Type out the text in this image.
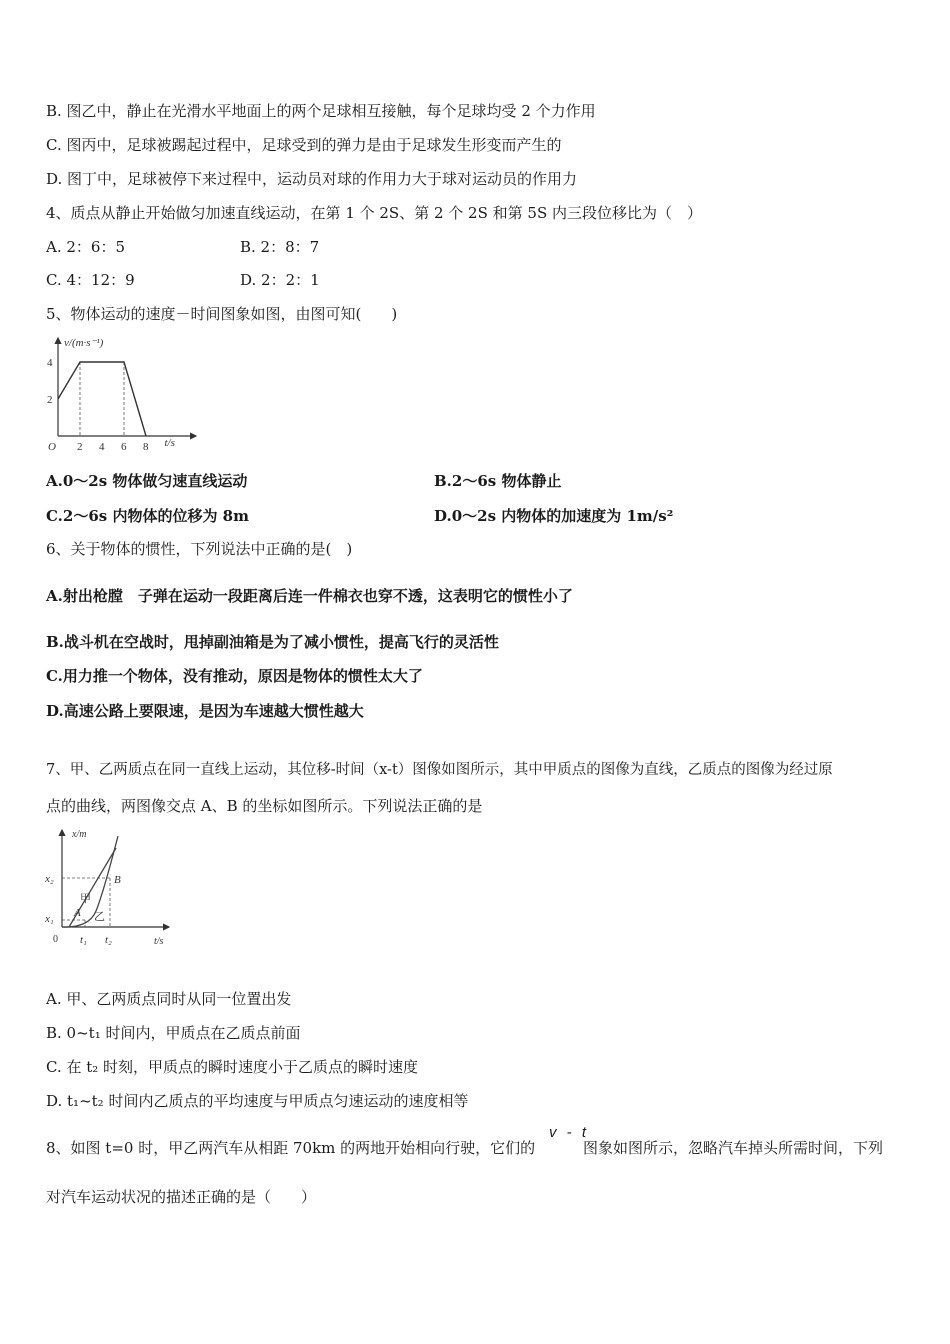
B. 图乙中，静止在光滑水平地面上的两个足球相互接触，每个足球均受 2 个力作用
C. 图丙中，足球被踢起过程中，足球受到的弹力是由于足球发生形变而产生的
D. 图丁中，足球被停下来过程中，运动员对球的作用力大于球对运动员的作用力
4、质点从静止开始做匀加速直线运动，在第 1 个 2S、第 2 个 2S 和第 5S 内三段位移比为（　）
A. 2：6：5	B. 2：8：7
C. 4：12：9	D. 2：2：1
5、物体运动的速度－时间图象如图，由图可知(　　)
2 4 6 8
2
4
O	t/s
v/(m·s⁻¹)
A.0～2s 物体做匀速直线运动	B.2～6s 物体静止
C.2～6s 内物体的位移为 8m	D.0～2s 内物体的加速度为 1m/s²
6、关于物体的惯性，下列说法中正确的是(　)
A.射出枪膛　子弹在运动一段距离后连一件棉衣也穿不透，这表明它的惯性小了
B.战斗机在空战时，甩掉副油箱是为了减小惯性，提高飞行的灵活性
C.用力推一个物体，没有推动，原因是物体的惯性太大了
D.高速公路上要限速，是因为车速越大惯性越大
7、甲、乙两质点在同一直线上运动，其位移-时间（x-t）图像如图所示，其中甲质点的图像为直线，乙质点的图像为经过原
点的曲线，两图像交点 A、B 的坐标如图所示。下列说法正确的是
x/m
t/s
0
x₂
x₁
t₁ t₂
A
B
甲
乙
A. 甲、乙两质点同时从同一位置出发
B. 0~t₁ 时间内，甲质点在乙质点前面
C. 在 t₂ 时刻，甲质点的瞬时速度小于乙质点的瞬时速度
D. t₁~t₂ 时间内乙质点的平均速度与甲质点匀速运动的速度相等
8、如图 t=0 时，甲乙两汽车从相距 70km 的两地开始相向行驶，它们的
v - t
图象如图所示，忽略汽车掉头所需时间，下列
对汽车运动状况的描述正确的是（　　）
